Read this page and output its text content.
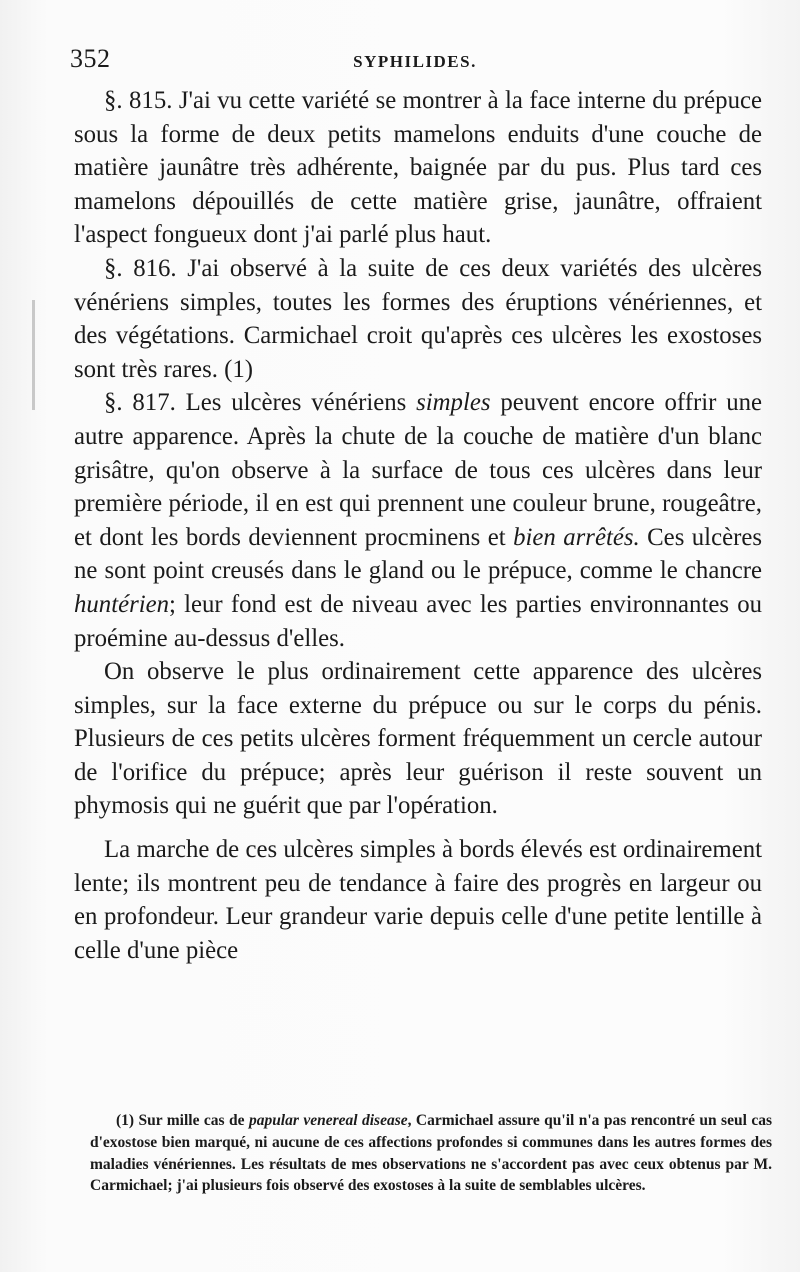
352	SYPHILIDES.

§. 815. J'ai vu cette variété se montrer à la face interne du prépuce sous la forme de deux petits mamelons enduits d'une couche de matière jaunâtre très adhérente, baignée par du pus. Plus tard ces mamelons dépouillés de cette matière grise, jaunâtre, offraient l'aspect fongueux dont j'ai parlé plus haut.

§. 816. J'ai observé à la suite de ces deux variétés des ulcères vénériens simples, toutes les formes des éruptions vénériennes, et des végétations. Carmichael croit qu'après ces ulcères les exostoses sont très rares. (1)

§. 817. Les ulcères vénériens simples peuvent encore offrir une autre apparence. Après la chute de la couche de matière d'un blanc grisâtre, qu'on observe à la surface de tous ces ulcères dans leur première période, il en est qui prennent une couleur brune, rougeâtre, et dont les bords deviennent procminens et bien arrêtés. Ces ulcères ne sont point creusés dans le gland ou le prépuce, comme le chancre huntérien; leur fond est de niveau avec les parties environnantes ou proémine au-dessus d'elles.

On observe le plus ordinairement cette apparence des ulcères simples, sur la face externe du prépuce ou sur le corps du pénis. Plusieurs de ces petits ulcères forment fréquemment un cercle autour de l'orifice du prépuce; après leur guérison il reste souvent un phymosis qui ne guérit que par l'opération.

La marche de ces ulcères simples à bords élevés est ordinairement lente; ils montrent peu de tendance à faire des progrès en largeur ou en profondeur. Leur grandeur varie depuis celle d'une petite lentille à celle d'une pièce

(1) Sur mille cas de papular venereal disease, Carmichael assure qu'il n'a pas rencontré un seul cas d'exostose bien marqué, ni aucune de ces affections profondes si communes dans les autres formes des maladies vénériennes. Les résultats de mes observations ne s'accordent pas avec ceux obtenus par M. Carmichael; j'ai plusieurs fois observé des exostoses à la suite de semblables ulcères.
